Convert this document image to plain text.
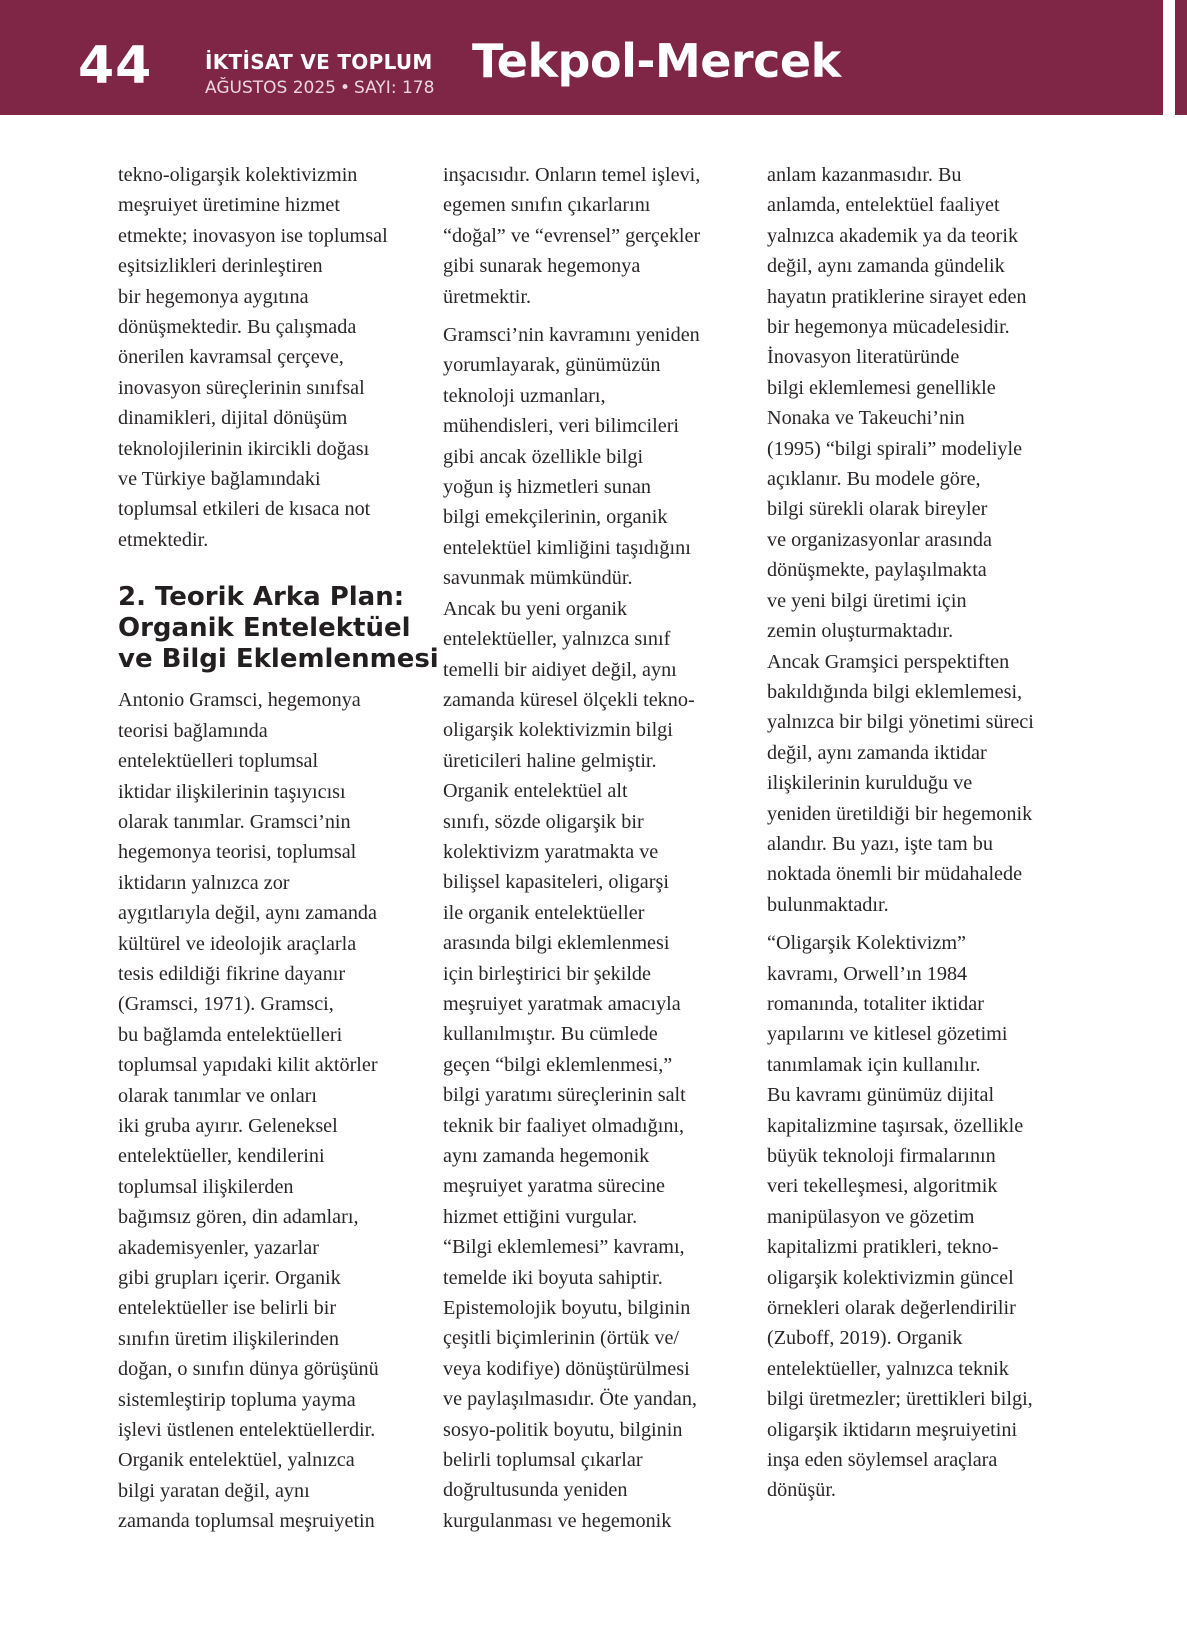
44	İKTİSAT VE TOPLUM
AĞUSTOS 2025 • SAYI: 178 Tekpol-Mercek
tekno-oligarşik kolektivizmin
meşruiyet üretimine hizmet
etmekte; inovasyon ise toplumsal
eşitsizlikleri derinleştiren
bir hegemonya aygıtına
dönüşmektedir. Bu çalışmada
önerilen kavramsal çerçeve,
inovasyon süreçlerinin sınıfsal
dinamikleri, dijital dönüşüm
teknolojilerinin ikircikli doğası
ve Türkiye bağlamındaki
toplumsal etkileri de kısaca not
etmektedir.
2. Teorik Arka Plan:
Organik Entelektüel
ve Bilgi Eklemlenmesi
Antonio Gramsci, hegemonya
teorisi bağlamında
entelektüelleri toplumsal
iktidar ilişkilerinin taşıyıcısı
olarak tanımlar. Gramsci’nin
hegemonya teorisi, toplumsal
iktidarın yalnızca zor
aygıtlarıyla değil, aynı zamanda
kültürel ve ideolojik araçlarla
tesis edildiği fikrine dayanır
(Gramsci, 1971). Gramsci,
bu bağlamda entelektüelleri
toplumsal yapıdaki kilit aktörler
olarak tanımlar ve onları
iki gruba ayırır. Geleneksel
entelektüeller, kendilerini
toplumsal ilişkilerden
bağımsız gören, din adamları,
akademisyenler, yazarlar
gibi grupları içerir. Organik
entelektüeller ise belirli bir
sınıfın üretim ilişkilerinden
doğan, o sınıfın dünya görüşünü
sistemleştirip topluma yayma
işlevi üstlenen entelektüellerdir.
Organik entelektüel, yalnızca
bilgi yaratan değil, aynı
zamanda toplumsal meşruiyetin
inşacısıdır. Onların temel işlevi,
egemen sınıfın çıkarlarını
“doğal” ve “evrensel” gerçekler
gibi sunarak hegemonya
üretmektir.
Gramsci’nin kavramını yeniden
yorumlayarak, günümüzün
teknoloji uzmanları,
mühendisleri, veri bilimcileri
gibi ancak özellikle bilgi
yoğun iş hizmetleri sunan
bilgi emekçilerinin, organik
entelektüel kimliğini taşıdığını
savunmak mümkündür.
Ancak bu yeni organik
entelektüeller, yalnızca sınıf
temelli bir aidiyet değil, aynı
zamanda küresel ölçekli tekno-
oligarşik kolektivizmin bilgi
üreticileri haline gelmiştir.
Organik entelektüel alt
sınıfı, sözde oligarşik bir
kolektivizm yaratmakta ve
bilişsel kapasiteleri, oligarşi
ile organik entelektüeller
arasında bilgi eklemlenmesi
için birleştirici bir şekilde
meşruiyet yaratmak amacıyla
kullanılmıştır. Bu cümlede
geçen “bilgi eklemlenmesi,”
bilgi yaratımı süreçlerinin salt
teknik bir faaliyet olmadığını,
aynı zamanda hegemonik
meşruiyet yaratma sürecine
hizmet ettiğini vurgular.
“Bilgi eklemlemesi” kavramı,
temelde iki boyuta sahiptir.
Epistemolojik boyutu, bilginin
çeşitli biçimlerinin (örtük ve/
veya kodifiye) dönüştürülmesi
ve paylaşılmasıdır. Öte yandan,
sosyo-politik boyutu, bilginin
belirli toplumsal çıkarlar
doğrultusunda yeniden
kurgulanması ve hegemonik
anlam kazanmasıdır. Bu
anlamda, entelektüel faaliyet
yalnızca akademik ya da teorik
değil, aynı zamanda gündelik
hayatın pratiklerine sirayet eden
bir hegemonya mücadelesidir.
İnovasyon literatüründe
bilgi eklemlemesi genellikle
Nonaka ve Takeuchi’nin
(1995) “bilgi spirali” modeliyle
açıklanır. Bu modele göre,
bilgi sürekli olarak bireyler
ve organizasyonlar arasında
dönüşmekte, paylaşılmakta
ve yeni bilgi üretimi için
zemin oluşturmaktadır.
Ancak Gramşici perspektiften
bakıldığında bilgi eklemlemesi,
yalnızca bir bilgi yönetimi süreci
değil, aynı zamanda iktidar
ilişkilerinin kurulduğu ve
yeniden üretildiği bir hegemonik
alandır. Bu yazı, işte tam bu
noktada önemli bir müdahalede
bulunmaktadır.
“Oligarşik Kolektivizm”
kavramı, Orwell’ın 1984
romanında, totaliter iktidar
yapılarını ve kitlesel gözetimi
tanımlamak için kullanılır.
Bu kavramı günümüz dijital
kapitalizmine taşırsak, özellikle
büyük teknoloji firmalarının
veri tekelleşmesi, algoritmik
manipülasyon ve gözetim
kapitalizmi pratikleri, tekno-
oligarşik kolektivizmin güncel
örnekleri olarak değerlendirilir
(Zuboff, 2019). Organik
entelektüeller, yalnızca teknik
bilgi üretmezler; ürettikleri bilgi,
oligarşik iktidarın meşruiyetini
inşa eden söylemsel araçlara
dönüşür.
